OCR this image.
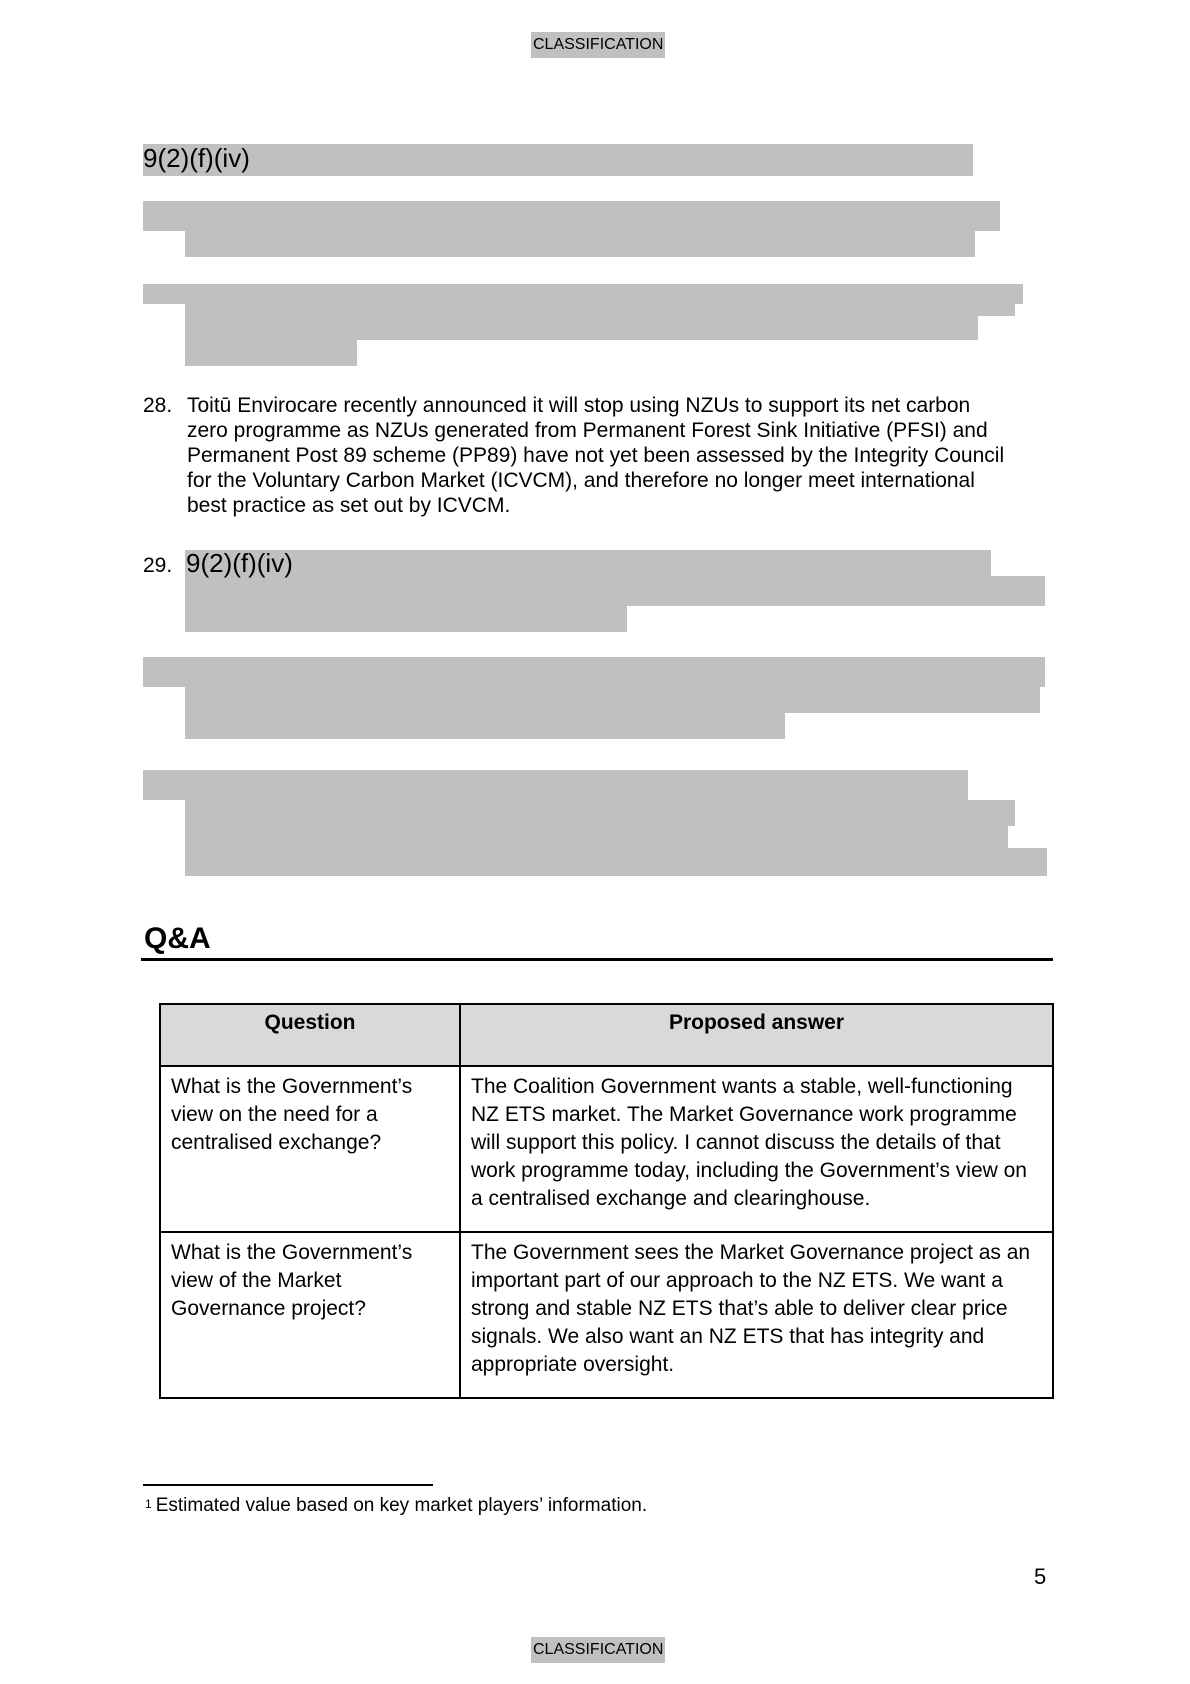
CLASSIFICATION
9(2)(f)(iv)
28. Toitū Envirocare recently announced it will stop using NZUs to support its net carbon
zero programme as NZUs generated from Permanent Forest Sink Initiative (PFSI) and
Permanent Post 89 scheme (PP89) have not yet been assessed by the Integrity Council
for the Voluntary Carbon Market (ICVCM), and therefore no longer meet international
best practice as set out by ICVCM.
29. 9(2)(f)(iv)
Q&A
Question	Proposed answer
What is the Government’s view on the need for a centralised exchange?	The Coalition Government wants a stable, well-functioning NZ ETS market. The Market Governance work programme will support this policy. I cannot discuss the details of that work programme today, including the Government’s view on a centralised exchange and clearinghouse.
What is the Government’s view of the Market Governance project?	The Government sees the Market Governance project as an important part of our approach to the NZ ETS. We want a strong and stable NZ ETS that’s able to deliver clear price signals. We also want an NZ ETS that has integrity and appropriate oversight.
$^1$ Estimated value based on key market players’ information.
5
CLASSIFICATION
